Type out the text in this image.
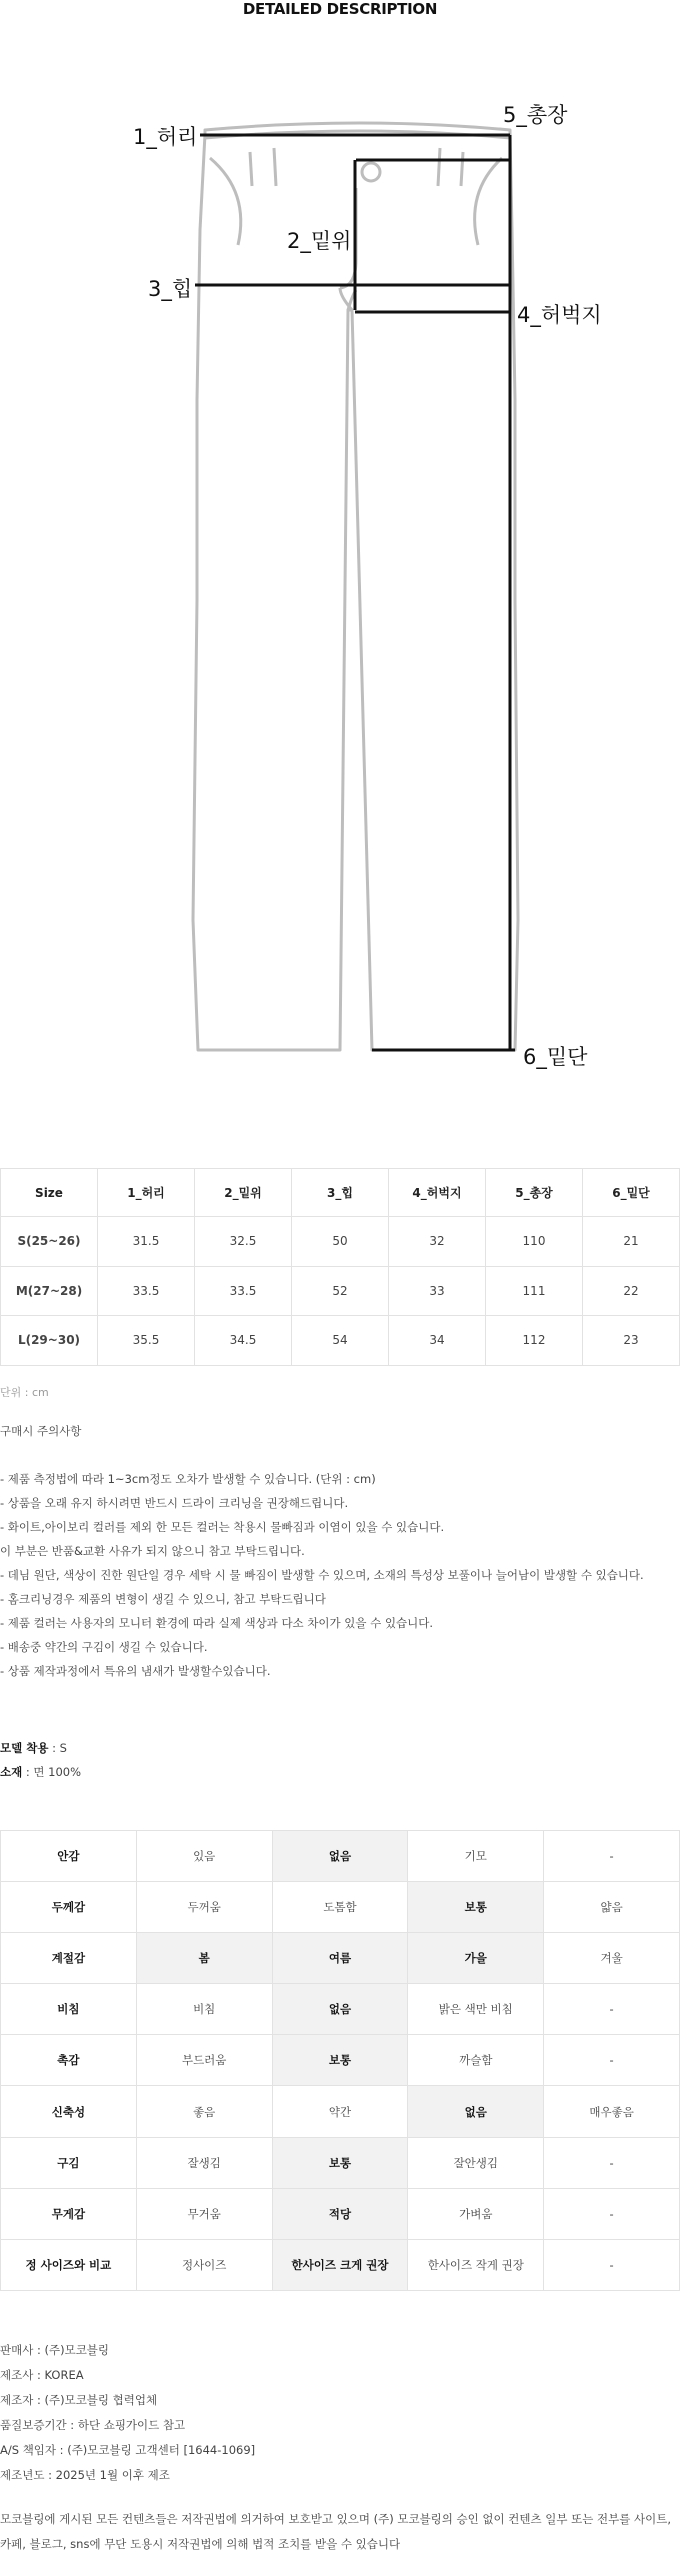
DETAILED DESCRIPTION
1_허리
2_밑위
3_힙
4_허벅지
5_총장
6_밑단
Size	1_허리	2_밑위	3_힙	4_허벅지	5_총장	6_밑단
S(25~26)	31.5	32.5	50	32	110	21
M(27~28)	33.5	33.5	52	33	111	22
L(29~30)	35.5	34.5	54	34	112	23
단위 : cm
구매시 주의사항
- 제품 측정법에 따라 1~3cm정도 오차가 발생할 수 있습니다. (단위 : cm)
- 상품을 오래 유지 하시려면 반드시 드라이 크리닝을 권장해드립니다.
- 화이트,아이보리 컬러를 제외 한 모든 컬러는 착용시 물빠짐과 이염이 있을 수 있습니다.
이 부분은 반품&교환 사유가 되지 않으니 참고 부탁드립니다.
- 데님 원단, 색상이 진한 원단일 경우 세탁 시 물 빠짐이 발생할 수 있으며, 소재의 특성상 보풀이나 늘어남이 발생할 수 있습니다.
- 홈크리닝경우 제품의 변형이 생길 수 있으니, 참고 부탁드립니다
- 제품 컬러는 사용자의 모니터 환경에 따라 실제 색상과 다소 차이가 있을 수 있습니다.
- 배송중 약간의 구김이 생길 수 있습니다.
- 상품 제작과정에서 특유의 냄새가 발생할수있습니다.
모델 착용 : S
소재 : 면 100%
안감	있음	없음	기모	-
두께감	두꺼움	도톰함	보통	얇음
계절감	봄	여름	가을	겨울
비침	비침	없음	밝은 색만 비침	-
촉감	부드러움	보통	까슬함	-
신축성	좋음	약간	없음	매우좋음
구김	잘생김	보통	잘안생김	-
무게감	무거움	적당	가벼움	-
정 사이즈와 비교	정사이즈	한사이즈 크게 권장	한사이즈 작게 권장	-
판매사 : (주)모코블링
제조사 : KOREA
제조자 : (주)모코블링 협력업체
품질보증기간 : 하단 쇼핑가이드 참고
A/S 책임자 : (주)모코블링 고객센터 [1644-1069]
제조년도 : 2025년 1월 이후 제조
모코블링에 게시된 모든 컨텐츠들은 저작권법에 의거하여 보호받고 있으며 (주) 모코블링의 승인 없이 컨텐츠 일부 또는 전부를 사이트,
카페, 블로그, sns에 무단 도용시 저작권법에 의해 법적 조치를 받을 수 있습니다
